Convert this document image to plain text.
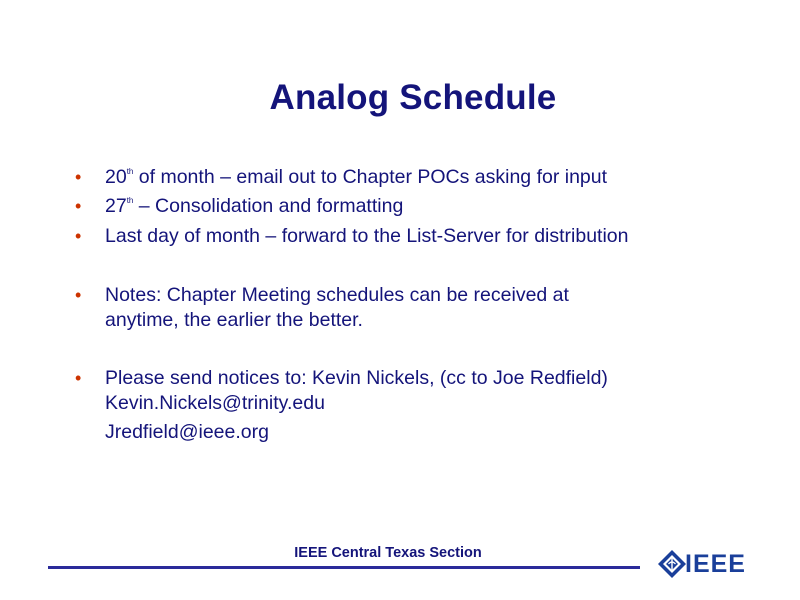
Analog Schedule
• 20th of month – email out to Chapter POCs asking for input
• 27th – Consolidation and formatting
• Last day of month – forward to the List-Server for distribution
• Notes: Chapter Meeting schedules can be received at
anytime, the earlier the better.
• Please send notices to: Kevin Nickels, (cc to Joe Redfield)
Kevin.Nickels@trinity.edu
Jredfield@ieee.org
IEEE Central Texas Section	IEEE
